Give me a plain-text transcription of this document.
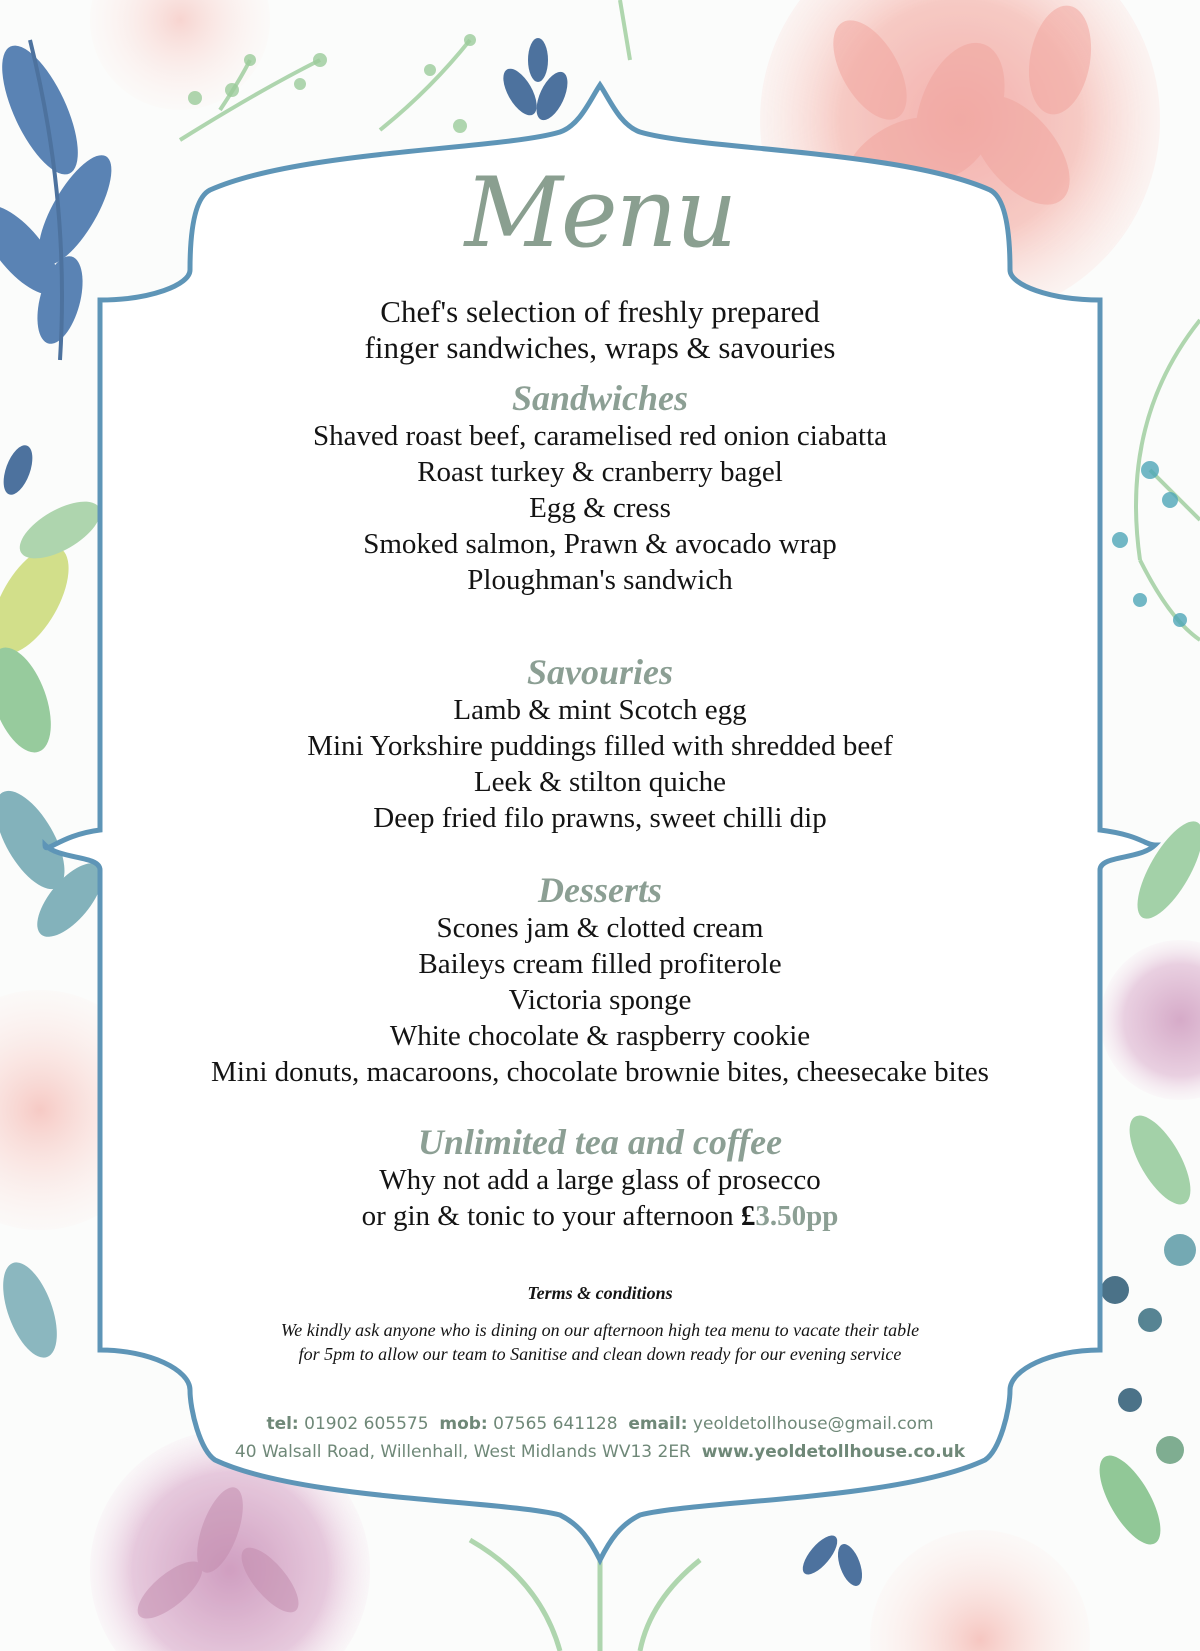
Menu
Chef's selection of freshly prepared
finger sandwiches, wraps & savouries
Sandwiches
Shaved roast beef, caramelised red onion ciabatta
Roast turkey & cranberry bagel
Egg & cress
Smoked salmon, Prawn & avocado wrap
Ploughman's sandwich
Savouries
Lamb & mint Scotch egg
Mini Yorkshire puddings filled with shredded beef
Leek & stilton quiche
Deep fried filo prawns, sweet chilli dip
Desserts
Scones jam & clotted cream
Baileys cream filled profiterole
Victoria sponge
White chocolate & raspberry cookie
Mini donuts, macaroons, chocolate brownie bites, cheesecake bites
Unlimited tea and coffee
Why not add a large glass of prosecco
or gin & tonic to your afternoon £3.50pp
Terms & conditions
We kindly ask anyone who is dining on our afternoon high tea menu to vacate their table
for 5pm to allow our team to Sanitise and clean down ready for our evening service
tel: 01902 605575 mob: 07565 641128 email: yeoldetollhouse@gmail.com
40 Walsall Road, Willenhall, West Midlands WV13 2ER www.yeoldetollhouse.co.uk
